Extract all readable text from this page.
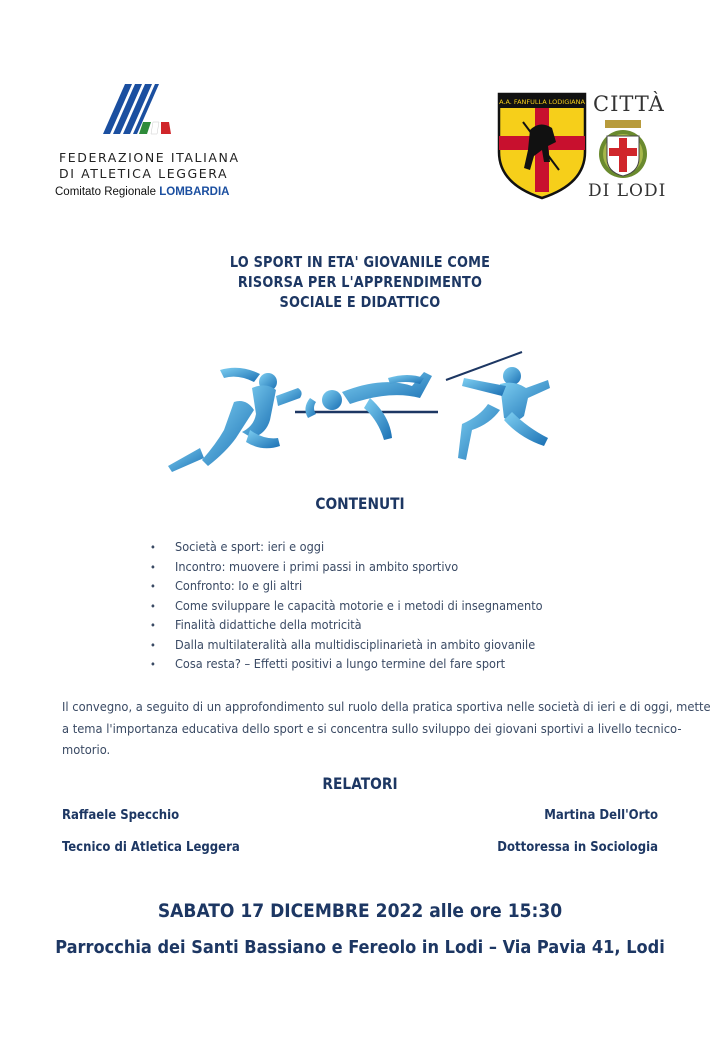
FEDERAZIONE ITALIANA
DI ATLETICA LEGGERA
Comitato Regionale LOMBARDIA
A.A. FANFULLA LODIGIANA CITTÀ
DI LODI
LO SPORT IN ETA' GIOVANILE COME
RISORSA PER L'APPRENDIMENTO
SOCIALE E DIDATTICO
CONTENUTI
• Società e sport: ieri e oggi
• Incontro: muovere i primi passi in ambito sportivo
• Confronto: Io e gli altri
• Come sviluppare le capacità motorie e i metodi di insegnamento
• Finalità didattiche della motricità
• Dalla multilateralità alla multidisciplinarietà in ambito giovanile
• Cosa resta? – Effetti positivi a lungo termine del fare sport
Il convegno, a seguito di un approfondimento sul ruolo della pratica sportiva nelle società di ieri e di oggi, mette
a tema l'importanza educativa dello sport e si concentra sullo sviluppo dei giovani sportivi a livello tecnico-
motorio.
RELATORI
Raffaele Specchio
Tecnico di Atletica Leggera
Martina Dell'Orto
Dottoressa in Sociologia
SABATO 17 DICEMBRE 2022 alle ore 15:30
Parrocchia dei Santi Bassiano e Fereolo in Lodi – Via Pavia 41, Lodi
